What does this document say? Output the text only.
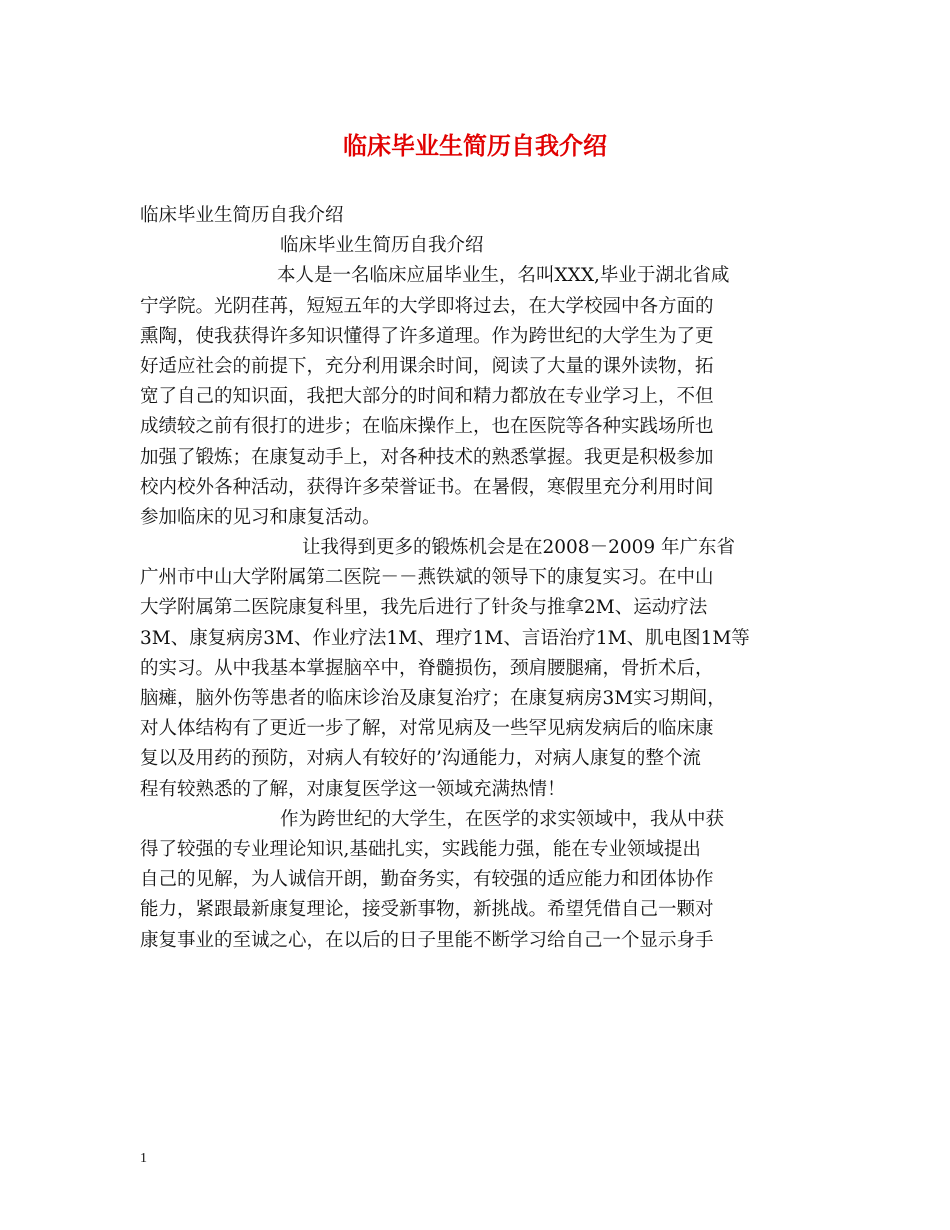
临床毕业生简历自我介绍
临床毕业生简历自我介绍
临床毕业生简历自我介绍
本人是一名临床应届毕业生，名叫XXX,毕业于湖北省咸
宁学院。光阴荏苒，短短五年的大学即将过去，在大学校园中各方面的
熏陶，使我获得许多知识懂得了许多道理。作为跨世纪的大学生为了更
好适应社会的前提下，充分利用课余时间，阅读了大量的课外读物，拓
宽了自己的知识面，我把大部分的时间和精力都放在专业学习上，不但
成绩较之前有很打的进步；在临床操作上，也在医院等各种实践场所也
加强了锻炼；在康复动手上，对各种技术的熟悉掌握。我更是积极参加
校内校外各种活动，获得许多荣誉证书。在暑假，寒假里充分利用时间
参加临床的见习和康复活动。
让我得到更多的锻炼机会是在2008－2009 年广东省
广州市中山大学附属第二医院－－燕铁斌的领导下的康复实习。在中山
大学附属第二医院康复科里，我先后进行了针灸与推拿2M、运动疗法
3M、康复病房3M、作业疗法1M、理疗1M、言语治疗1M、肌电图1M等
的实习。从中我基本掌握脑卒中，脊髓损伤，颈肩腰腿痛，骨折术后，
脑瘫，脑外伤等患者的临床诊治及康复治疗；在康复病房3M实习期间，
对人体结构有了更近一步了解，对常见病及一些罕见病发病后的临床康
复以及用药的预防，对病人有较好的’沟通能力，对病人康复的整个流
程有较熟悉的了解，对康复医学这一领域充满热情！
作为跨世纪的大学生，在医学的求实领域中，我从中获
得了较强的专业理论知识,基础扎实，实践能力强，能在专业领域提出
自己的见解，为人诚信开朗，勤奋务实，有较强的适应能力和团体协作
能力，紧跟最新康复理论，接受新事物，新挑战。希望凭借自己一颗对
康复事业的至诚之心，在以后的日子里能不断学习给自己一个显示身手
1
